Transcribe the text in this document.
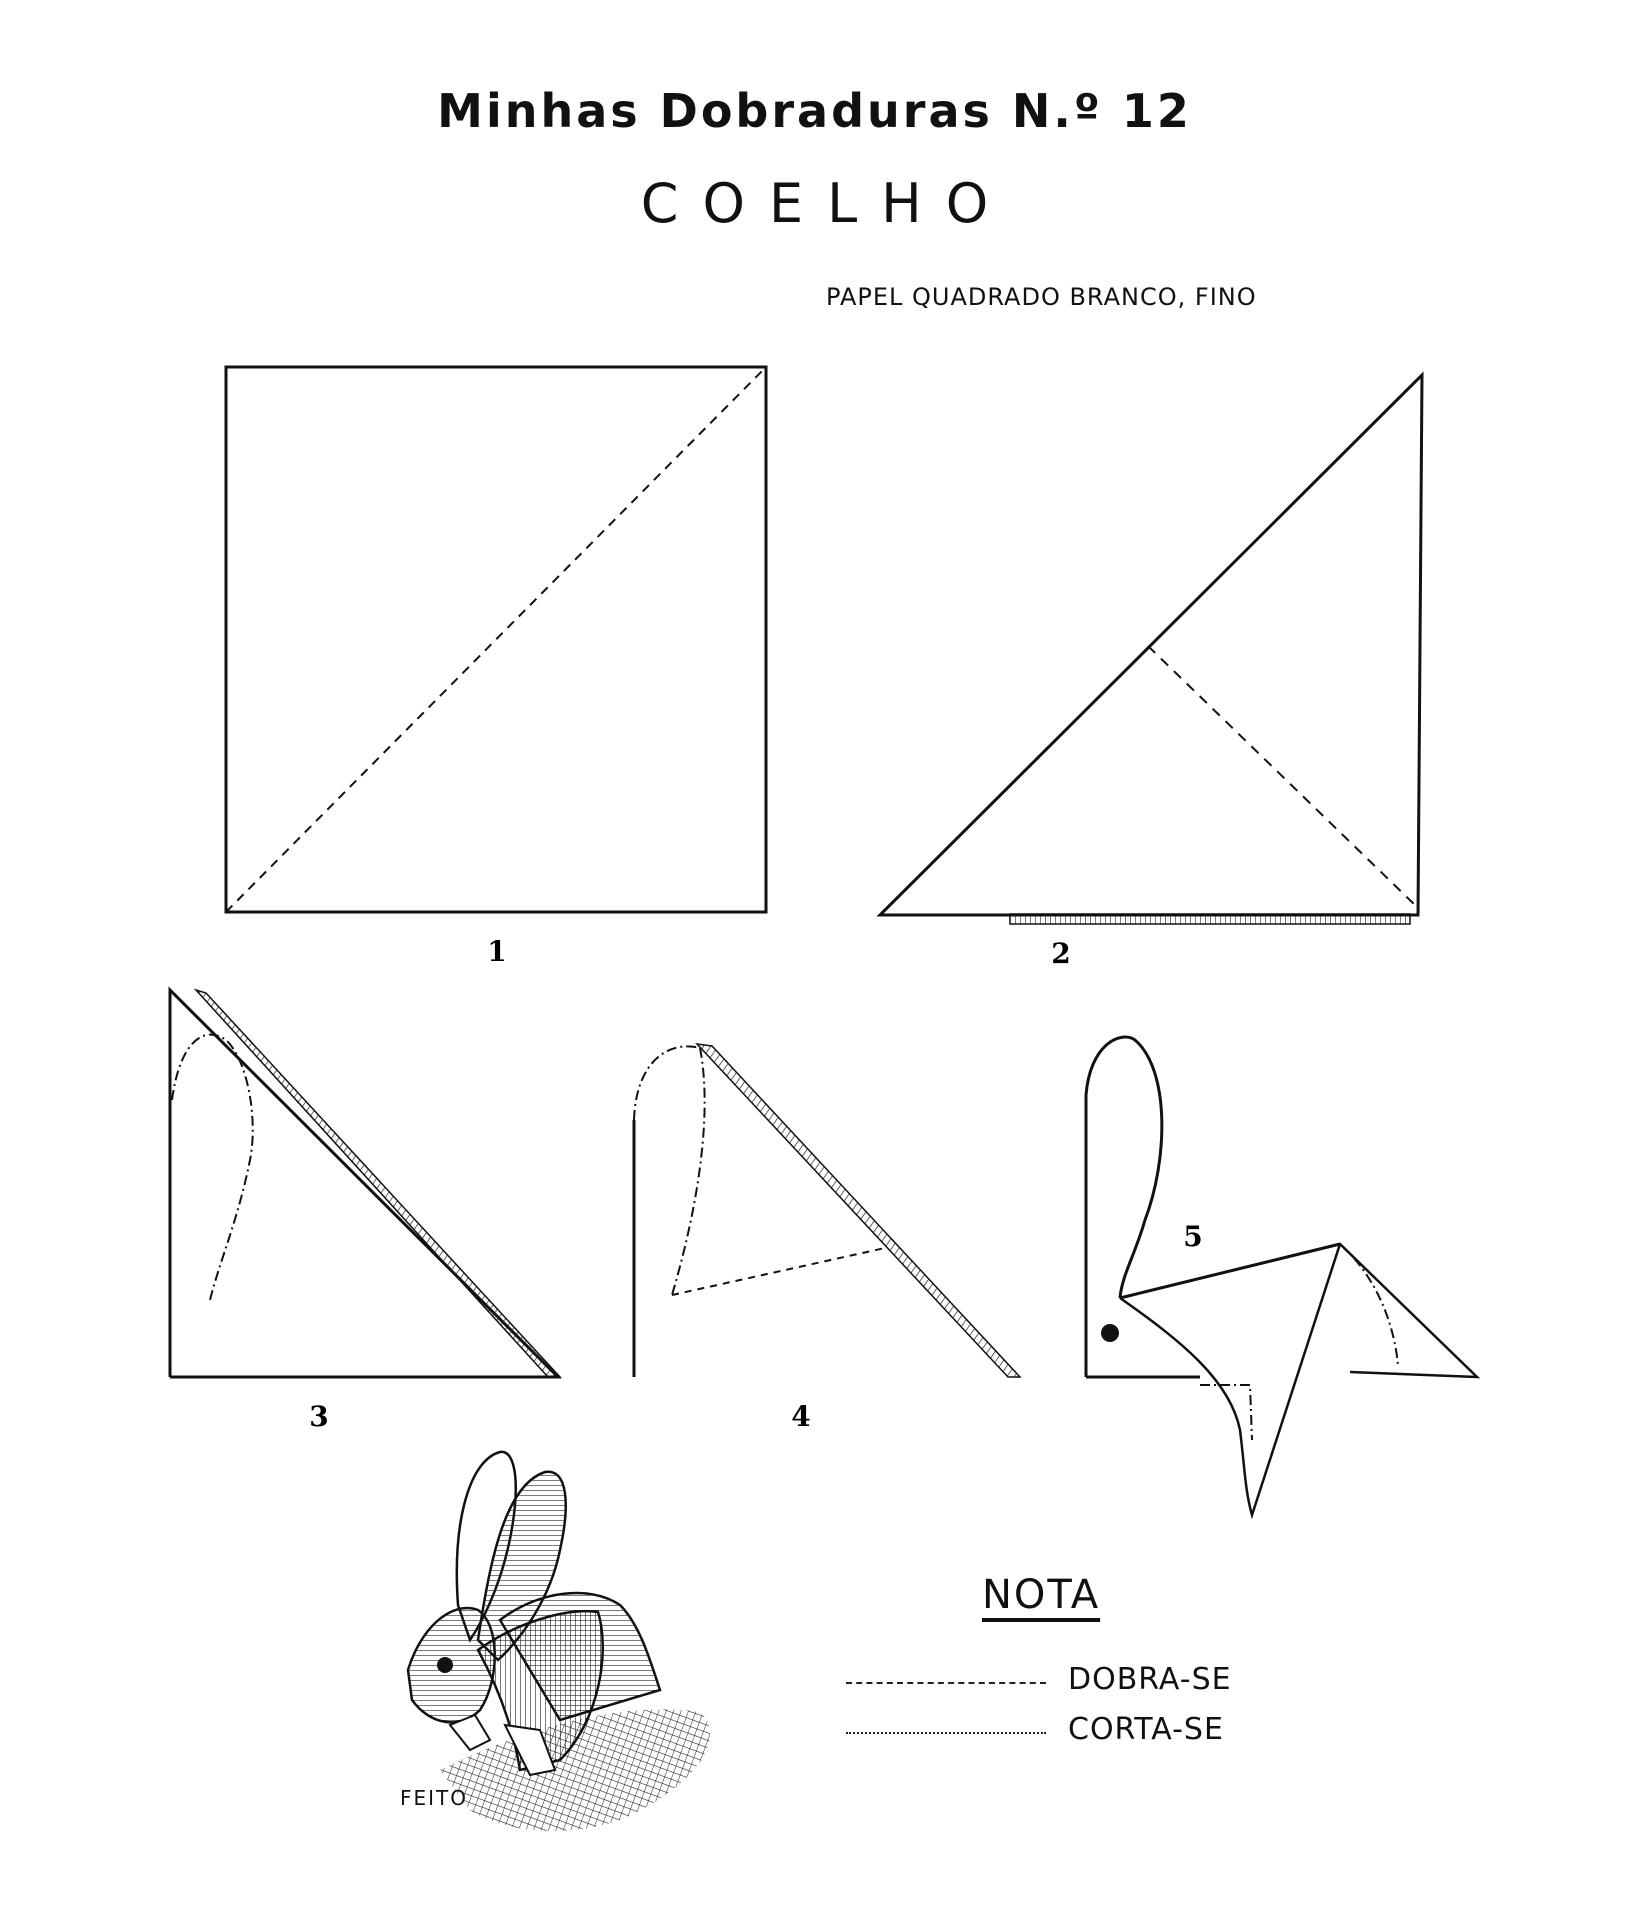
Minhas Dobraduras N.º 12
COELHO
PAPEL QUADRADO BRANCO, FINO
1	2
3	4
5
FEITO
NOTA
DOBRA-SE
CORTA-SE
